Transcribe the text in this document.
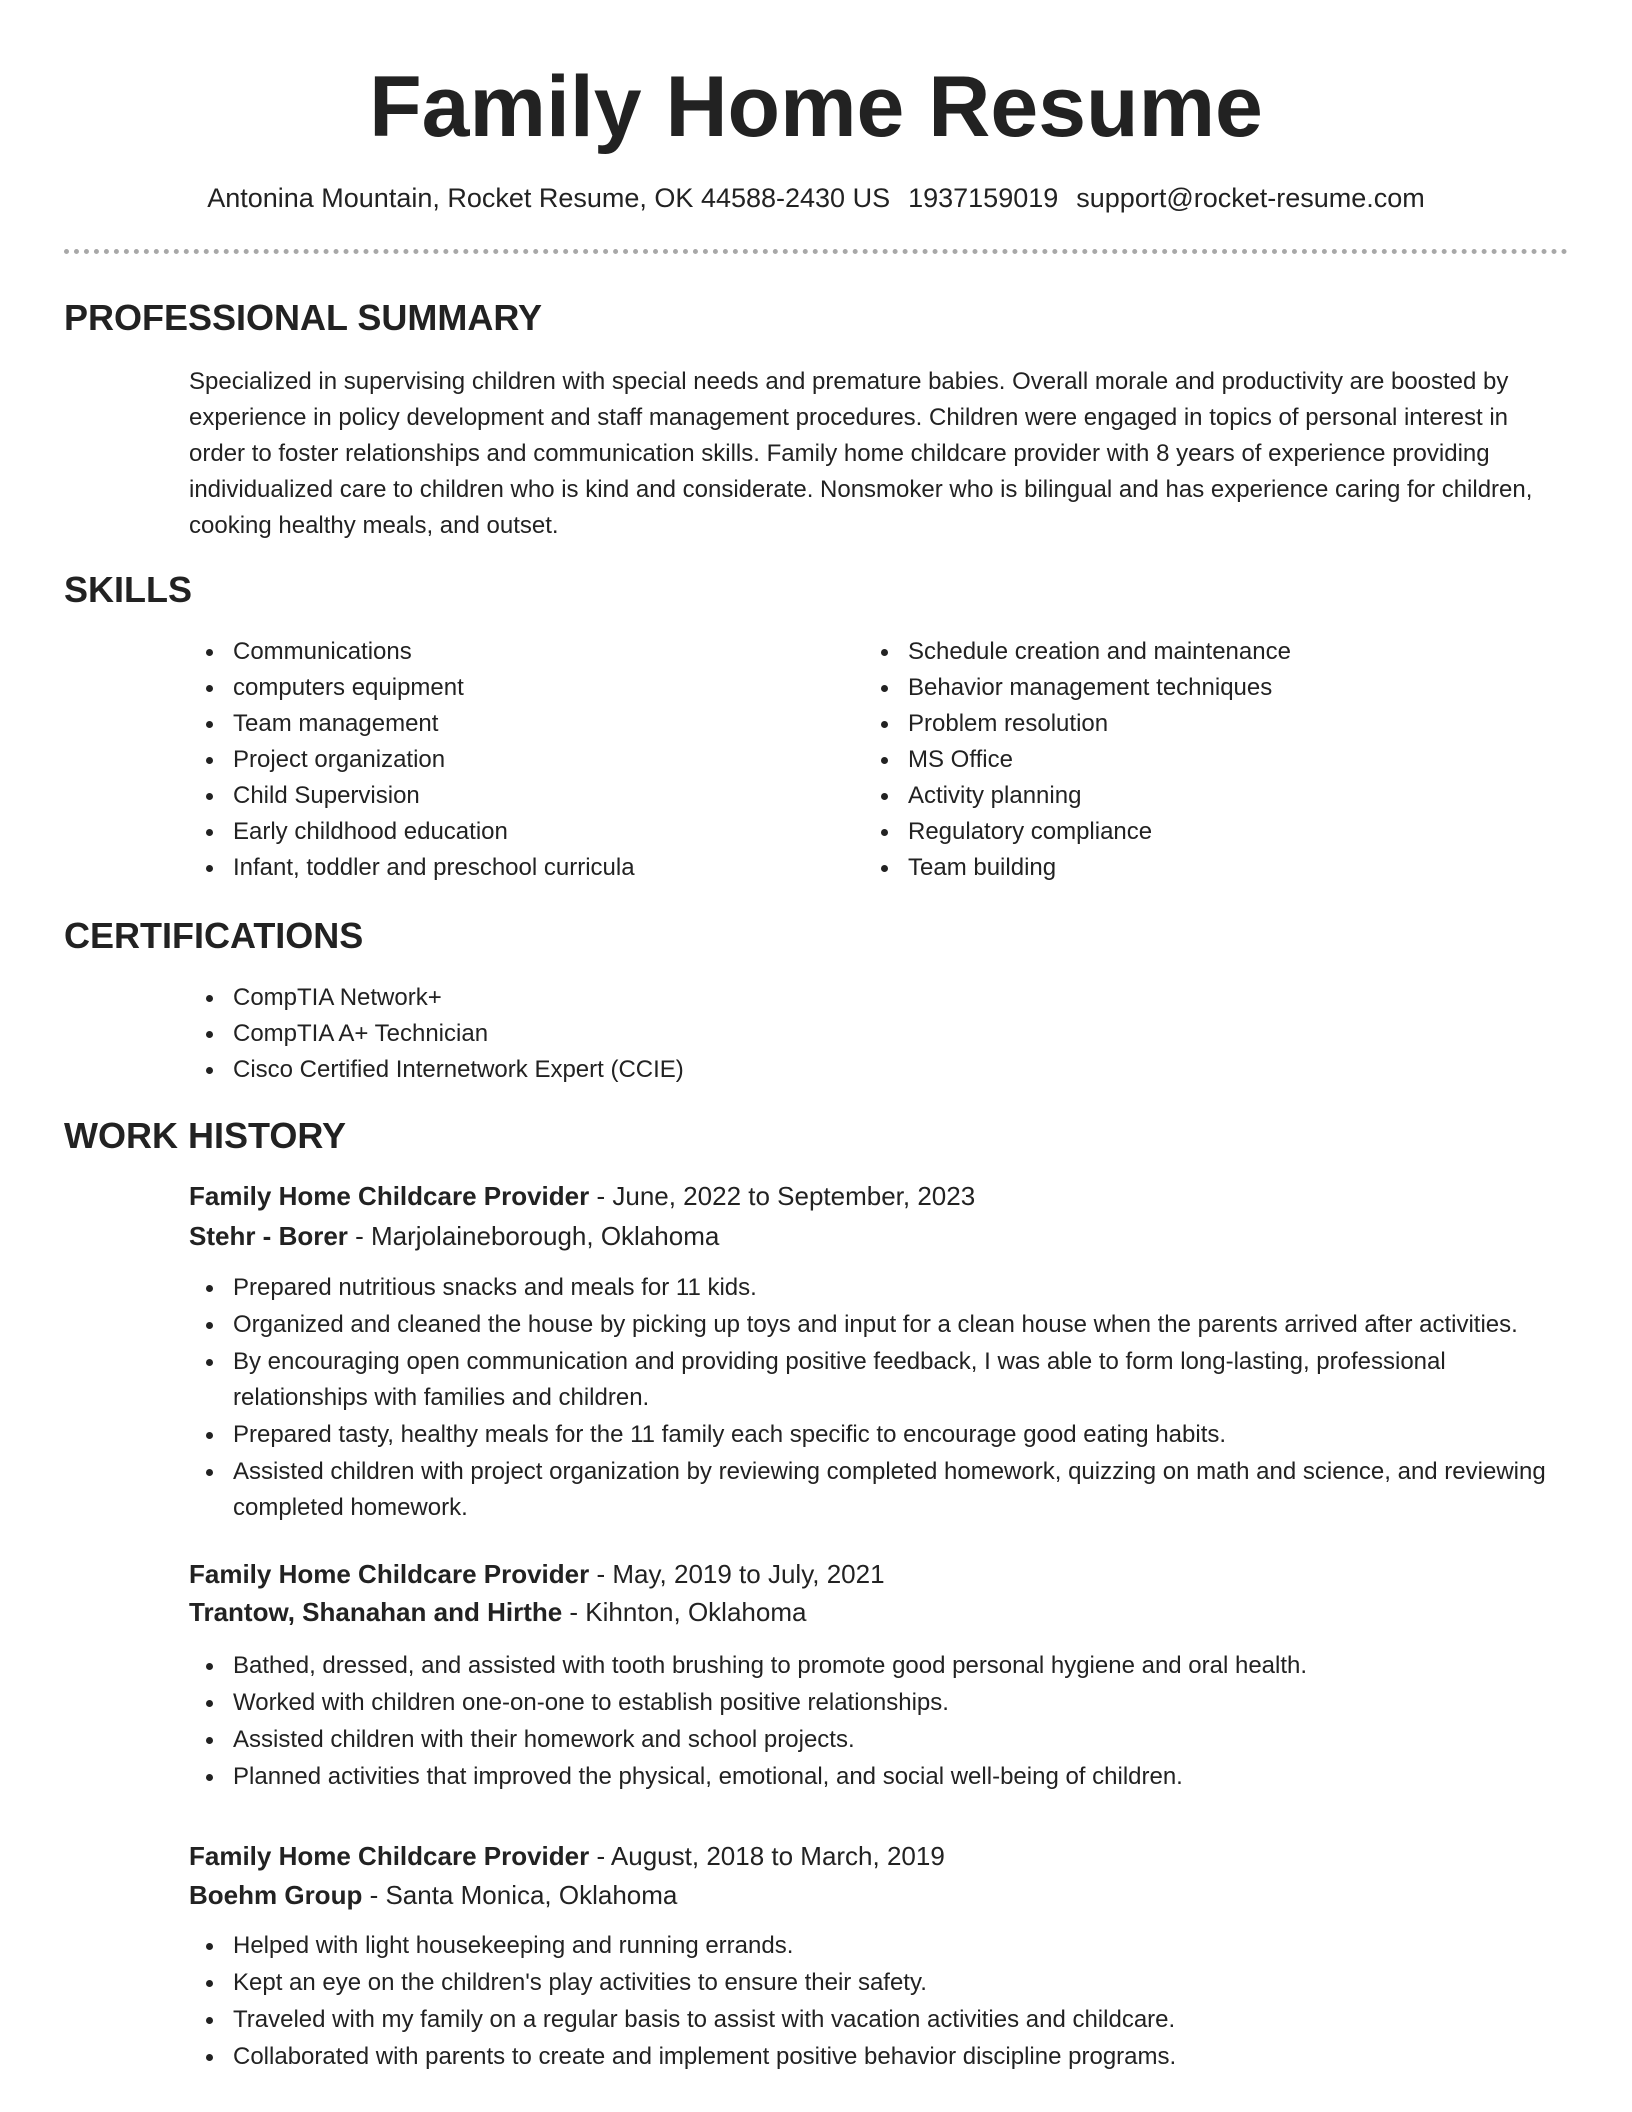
Family Home Resume
Antonina Mountain, Rocket Resume, OK 44588-2430 US 1937159019 support@rocket-resume.com
PROFESSIONAL SUMMARY

Specialized in supervising children with special needs and premature babies. Overall morale and productivity are boosted by experience in policy development and staff management procedures. Children were engaged in topics of personal interest in order to foster relationships and communication skills. Family home childcare provider with 8 years of experience providing individualized care to children who is kind and considerate. Nonsmoker who is bilingual and has experience caring for children, cooking healthy meals, and outset.

SKILLS
Communications
computers equipment
Team management
Project organization
Child Supervision
Early childhood education
Infant, toddler and preschool curricula
Schedule creation and maintenance
Behavior management techniques
Problem resolution
MS Office
Activity planning
Regulatory compliance
Team building
CERTIFICATIONS
CompTIA Network+
CompTIA A+ Technician
Cisco Certified Internetwork Expert (CCIE)
WORK HISTORY
Family Home Childcare Provider - June, 2022 to September, 2023
Stehr - Borer - Marjolaineborough, Oklahoma
Prepared nutritious snacks and meals for 11 kids.
Organized and cleaned the house by picking up toys and input for a clean house when the parents arrived after activities.
By encouraging open communication and providing positive feedback, I was able to form long-lasting, professional relationships with families and children.
Prepared tasty, healthy meals for the 11 family each specific to encourage good eating habits.
Assisted children with project organization by reviewing completed homework, quizzing on math and science, and reviewing completed homework.
Family Home Childcare Provider - May, 2019 to July, 2021
Trantow, Shanahan and Hirthe - Kihnton, Oklahoma
Bathed, dressed, and assisted with tooth brushing to promote good personal hygiene and oral health.
Worked with children one-on-one to establish positive relationships.
Assisted children with their homework and school projects.
Planned activities that improved the physical, emotional, and social well-being of children.
Family Home Childcare Provider - August, 2018 to March, 2019
Boehm Group - Santa Monica, Oklahoma
Helped with light housekeeping and running errands.
Kept an eye on the children's play activities to ensure their safety.
Traveled with my family on a regular basis to assist with vacation activities and childcare.
Collaborated with parents to create and implement positive behavior discipline programs.
